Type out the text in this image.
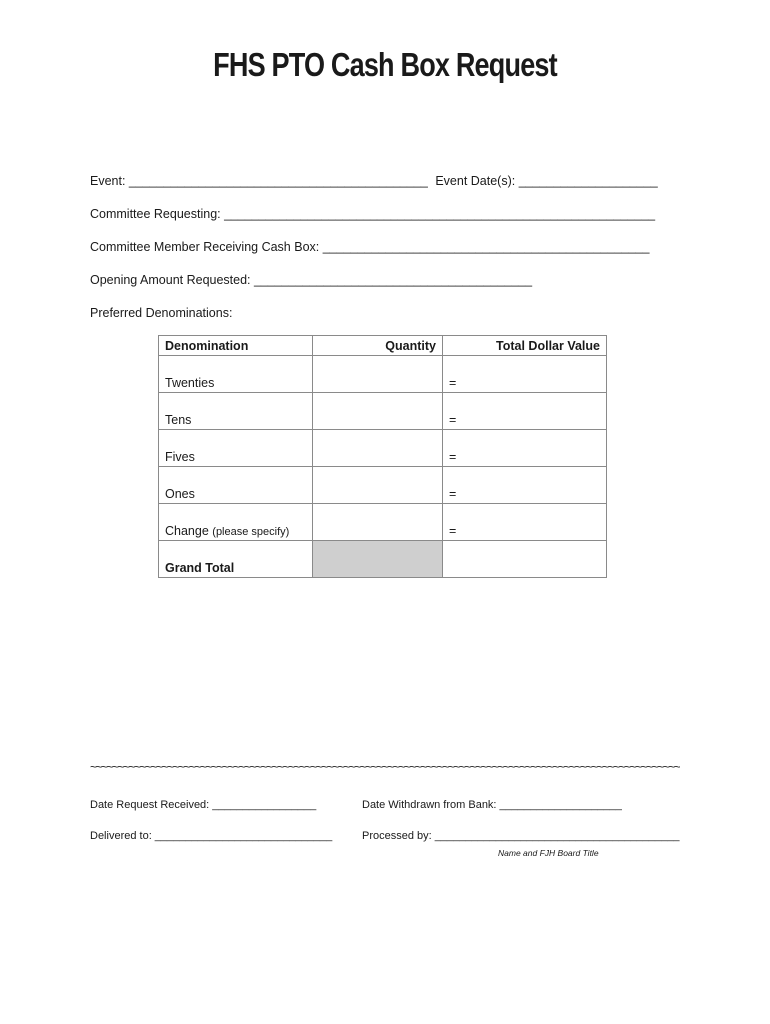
FHS PTO Cash Box Request
Event: ___________________________________________ Event Date(s): ____________________
Committee Requesting: ______________________________________________________________
Committee Member Receiving Cash Box: _______________________________________________
Opening Amount Requested: ________________________________________
Preferred Denominations:
Denomination	Quantity	Total Dollar Value
Twenties		=
Tens		=
Fives		=
Ones		=
Change (please specify)		=
Grand Total		
~~~~~~~~~~~~~~~~~~~~~~~~~~~~~~~~~~~~~~~~~~~~~~~~~~~~~~~~~~~~~~~~~~~~~~~~~~~~~~~~~~~~~~~~~~~~~~~~~~~~~~~~~~~
Date Request Received: _________________	Date Withdrawn from Bank: ____________________
Delivered to: _____________________________	Processed by: ________________________________________
Name and FJH Board Title
